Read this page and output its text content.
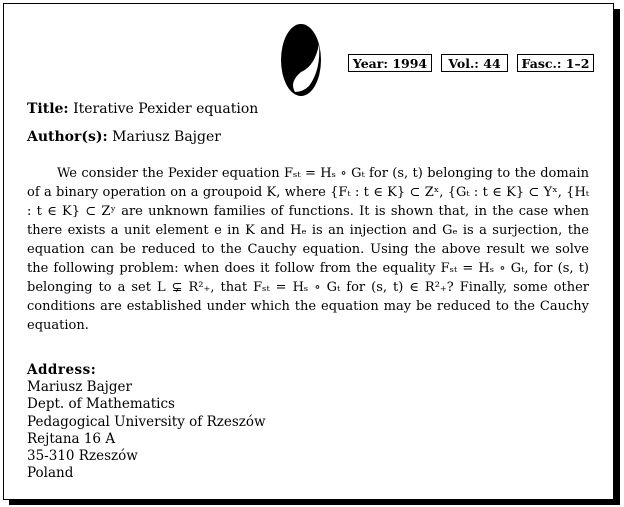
Year: 1994	Vol.: 44	Fasc.: 1–2
Title: Iterative Pexider equation
Author(s): Mariusz Bajger
We consider the Pexider equation Fₛₜ = Hₛ ∘ Gₜ for (s, t) belonging to the domain of a binary operation on a groupoid K, where {Fₜ : t ∈ K} ⊂ Zˣ, {Gₜ : t ∈ K} ⊂ Yˣ, {Hₜ : t ∈ K} ⊂ Zʸ are unknown families of functions. It is shown that, in the case when there exists a unit element e in K and Hₑ is an injection and Gₑ is a surjection, the equation can be reduced to the Cauchy equation. Using the above result we solve the following problem: when does it follow from the equality Fₛₜ = Hₛ ∘ Gₜ, for (s, t) belonging to a set L ⊊ R²₊, that Fₛₜ = Hₛ ∘ Gₜ for (s, t) ∈ R²₊? Finally, some other conditions are established under which the equation may be reduced to the Cauchy equation.
Address:
Mariusz Bajger
Dept. of Mathematics
Pedagogical University of Rzeszów
Rejtana 16 A
35-310 Rzeszów
Poland
